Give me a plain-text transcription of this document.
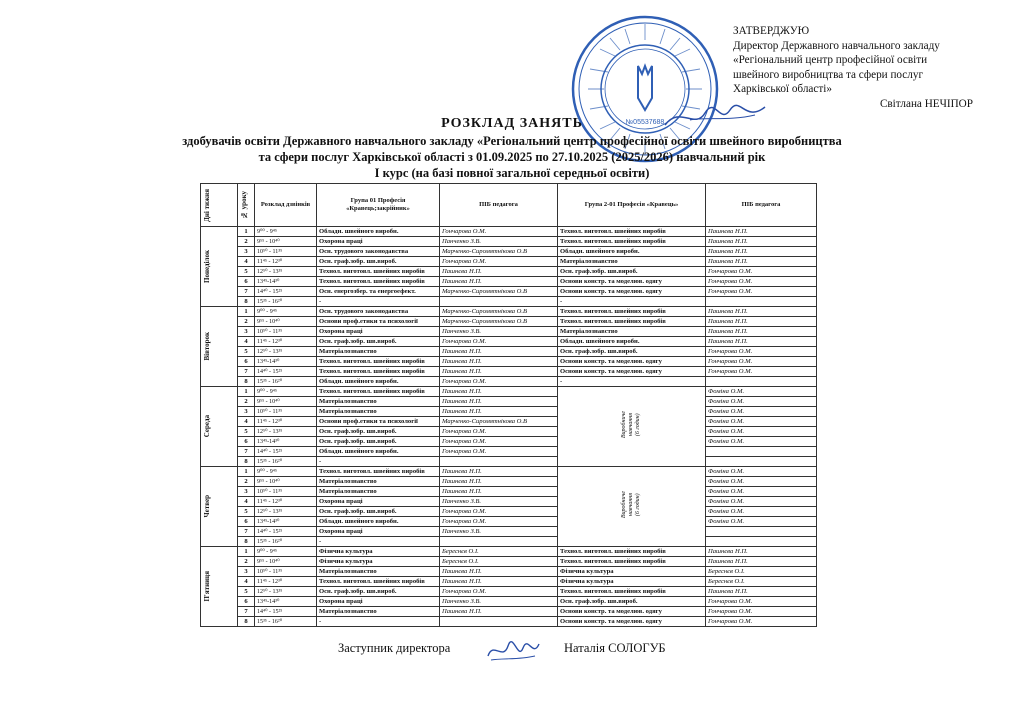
№05537688
ЗАТВЕРДЖУЮ
Директор Державного навчального закладу
«Регіональний центр професійної освіти
швейного виробництва та сфери послуг
Харківської області»
Світлана НЕЧІПОР
РОЗКЛАД ЗАНЯТЬ
здобувачів освіти Державного навчального закладу «Регіональний центр професійної освіти швейного виробництва
та сфери послуг Харківської області з 01.09.2025 по 27.10.2025 (2025/2026) навчальний рік
І курс (на базі повної загальної середньої освіти)
Дні тижня	№ уроку	Розклад дзвінків	Група 01 Професія «Кравець;закрійник»	ПІБ педагога	Група 2-01 Професія «Кравець»	ПІБ педагога

Понеділок	1	9⁰⁰ - 9⁴⁵	Обладн. швейного виробн.	Гончарова О.М.	Технол. виготовл. швейних виробів	Пашнєва Н.П.
	2	9⁵⁵ - 10⁴⁰	Охорона праці	Панченко З.В.	Технол. виготовл. швейних виробів	Пашнєва Н.П.
	3	10⁵⁰ - 11³⁵	Осн. трудового законодавства	Марченко-Сиромятнікова О.В	Обладн. швейного виробн.	Пашнєва Н.П.
	4	11⁴⁵ - 12³⁰	Осн. граф.зобр. шв.вироб.	Гончарова О.М.	Матеріалознавство	Пашнєва Н.П.
	5	12⁵⁰ - 13³⁵	Технол. виготовл. швейних виробів	Пашнєва Н.П.	Осн. граф.зобр. шв.вироб.	Гончарова О.М.
	6	13⁴⁵-14³⁰	Технол. виготовл. швейних виробів	Пашнєва Н.П.	Основи констр. та моделюв. одягу	Гончарова О.М.
	7	14⁴⁰ - 15²⁵	Осн. енергозбер. та енергоефект.	Марченко-Сиромятнікова О.В	Основи констр. та моделюв. одягу	Гончарова О.М.
	8	15³⁵ - 16²⁰	-		-	

Вівторок	1	9⁰⁰ - 9⁴⁵	Осн. трудового законодавства	Марченко-Сиромятнікова О.В	Технол. виготовл. швейних виробів	Пашнєва Н.П.
	2	9⁵⁵ - 10⁴⁰	Основи проф.етики та психології	Марченко-Сиромятнікова О.В	Технол. виготовл. швейних виробів	Пашнєва Н.П.
	3	10⁵⁰ - 11³⁵	Охорона праці	Панченко З.В.	Матеріалознавство	Пашнєва Н.П.
	4	11⁴⁵ - 12³⁰	Осн. граф.зобр. шв.вироб.	Гончарова О.М.	Обладн. швейного виробн.	Пашнєва Н.П.
	5	12⁵⁰ - 13³⁵	Матеріалознавство	Пашнєва Н.П.	Осн. граф.зобр. шв.вироб.	Гончарова О.М.
	6	13⁴⁵-14³⁰	Технол. виготовл. швейних виробів	Пашнєва Н.П.	Основи констр. та моделюв. одягу	Гончарова О.М.
	7	14⁴⁰ - 15²⁵	Технол. виготовл. швейних виробів	Пашнєва Н.П.	Основи констр. та моделюв. одягу	Гончарова О.М.
	8	15³⁵ - 16²⁰	Обладн. швейного виробн.	Гончарова О.М.	-	

Середа	1	9⁰⁰ - 9⁴⁵	Технол. виготовл. швейних виробів	Пашнєва Н.П.	Виробниче
навчання
(6 годин)	Фоміна О.М.
	2	9⁵⁵ - 10⁴⁰	Матеріалознавство	Пашнєва Н.П.		Фоміна О.М.
	3	10⁵⁰ - 11³⁵	Матеріалознавство	Пашнєва Н.П.		Фоміна О.М.
	4	11⁴⁵ - 12³⁰	Основи проф.етики та психології	Марченко-Сиромятнікова О.В		Фоміна О.М.
	5	12⁵⁰ - 13³⁵	Осн. граф.зобр. шв.вироб.	Гончарова О.М.		Фоміна О.М.
	6	13⁴⁵-14³⁰	Осн. граф.зобр. шв.вироб.	Гончарова О.М.		Фоміна О.М.
	7	14⁴⁰ - 15²⁵	Обладн. швейного виробн.	Гончарова О.М.		
	8	15³⁵ - 16²⁰	-			

Четвер	1	9⁰⁰ - 9⁴⁵	Технол. виготовл. швейних виробів	Пашнєва Н.П.	Виробниче
навчання
(6 годин)	Фоміна О.М.
	2	9⁵⁵ - 10⁴⁰	Матеріалознавство	Пашнєва Н.П.		Фоміна О.М.
	3	10⁵⁰ - 11³⁵	Матеріалознавство	Пашнєва Н.П.		Фоміна О.М.
	4	11⁴⁵ - 12³⁰	Охорона праці	Панченко З.В.		Фоміна О.М.
	5	12⁵⁰ - 13³⁵	Осн. граф.зобр. шв.вироб.	Гончарова О.М.		Фоміна О.М.
	6	13⁴⁵-14³⁰	Обладн. швейного виробн.	Гончарова О.М.		Фоміна О.М.
	7	14⁴⁰ - 15²⁵	Охорона праці	Панченко З.В.		
	8	15³⁵ - 16²⁰	-			

П'ятниця	1	9⁰⁰ - 9⁴⁵	Фізична культура	Береснєв О.І.	Технол. виготовл. швейних виробів	Пашнєва Н.П.
	2	9⁵⁵ - 10⁴⁰	Фізична культура	Береснєв О.І.	Технол. виготовл. швейних виробів	Пашнєва Н.П.
	3	10⁵⁰ - 11³⁵	Матеріалознавство	Пашнєва Н.П.	Фізична культура	Береснєв О.І.
	4	11⁴⁵ - 12³⁰	Технол. виготовл. швейних виробів	Пашнєва Н.П.	Фізична культура	Береснєв О.І.
	5	12⁵⁰ - 13³⁵	Осн. граф.зобр. шв.вироб.	Гончарова О.М.	Технол. виготовл. швейних виробів	Пашнєва Н.П.
	6	13⁴⁵-14³⁰	Охорона праці	Панченко З.В.	Осн. граф.зобр. шв.вироб.	Гончарова О.М.
	7	14⁴⁰ - 15²⁵	Матеріалознавство	Пашнєва Н.П.	Основи констр. та моделюв. одягу	Гончарова О.М.
	8	15³⁵ - 16²⁰	-		Основи констр. та моделюв. одягу	Гончарова О.М.
Заступник директора	Наталія СОЛОГУБ
